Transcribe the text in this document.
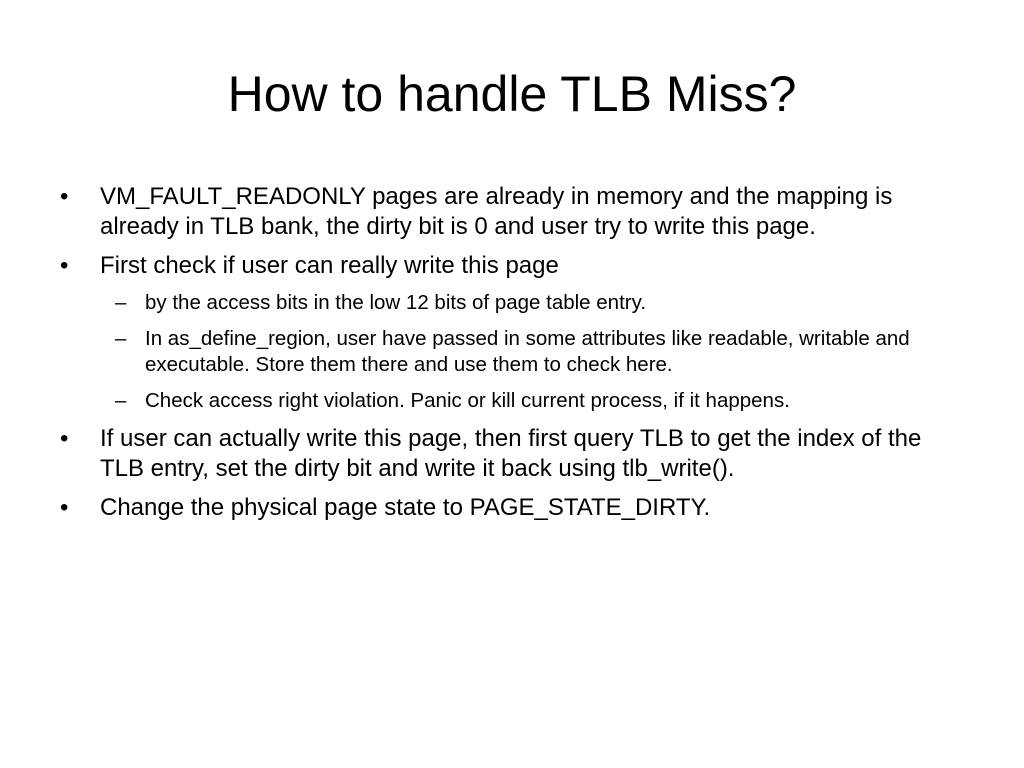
How to handle TLB Miss?
• VM_FAULT_READONLY pages are already in memory and the mapping is already in TLB bank, the dirty bit is 0 and user try to write this page.
• First check if user can really write this page
– by the access bits in the low 12 bits of page table entry.
– In as_define_region, user have passed in some attributes like readable, writable and executable. Store them there and use them to check here.
– Check access right violation. Panic or kill current process, if it happens.
• If user can actually write this page, then first query TLB to get the index of the TLB entry, set the dirty bit and write it back using tlb_write().
• Change the physical page state to PAGE_STATE_DIRTY.
